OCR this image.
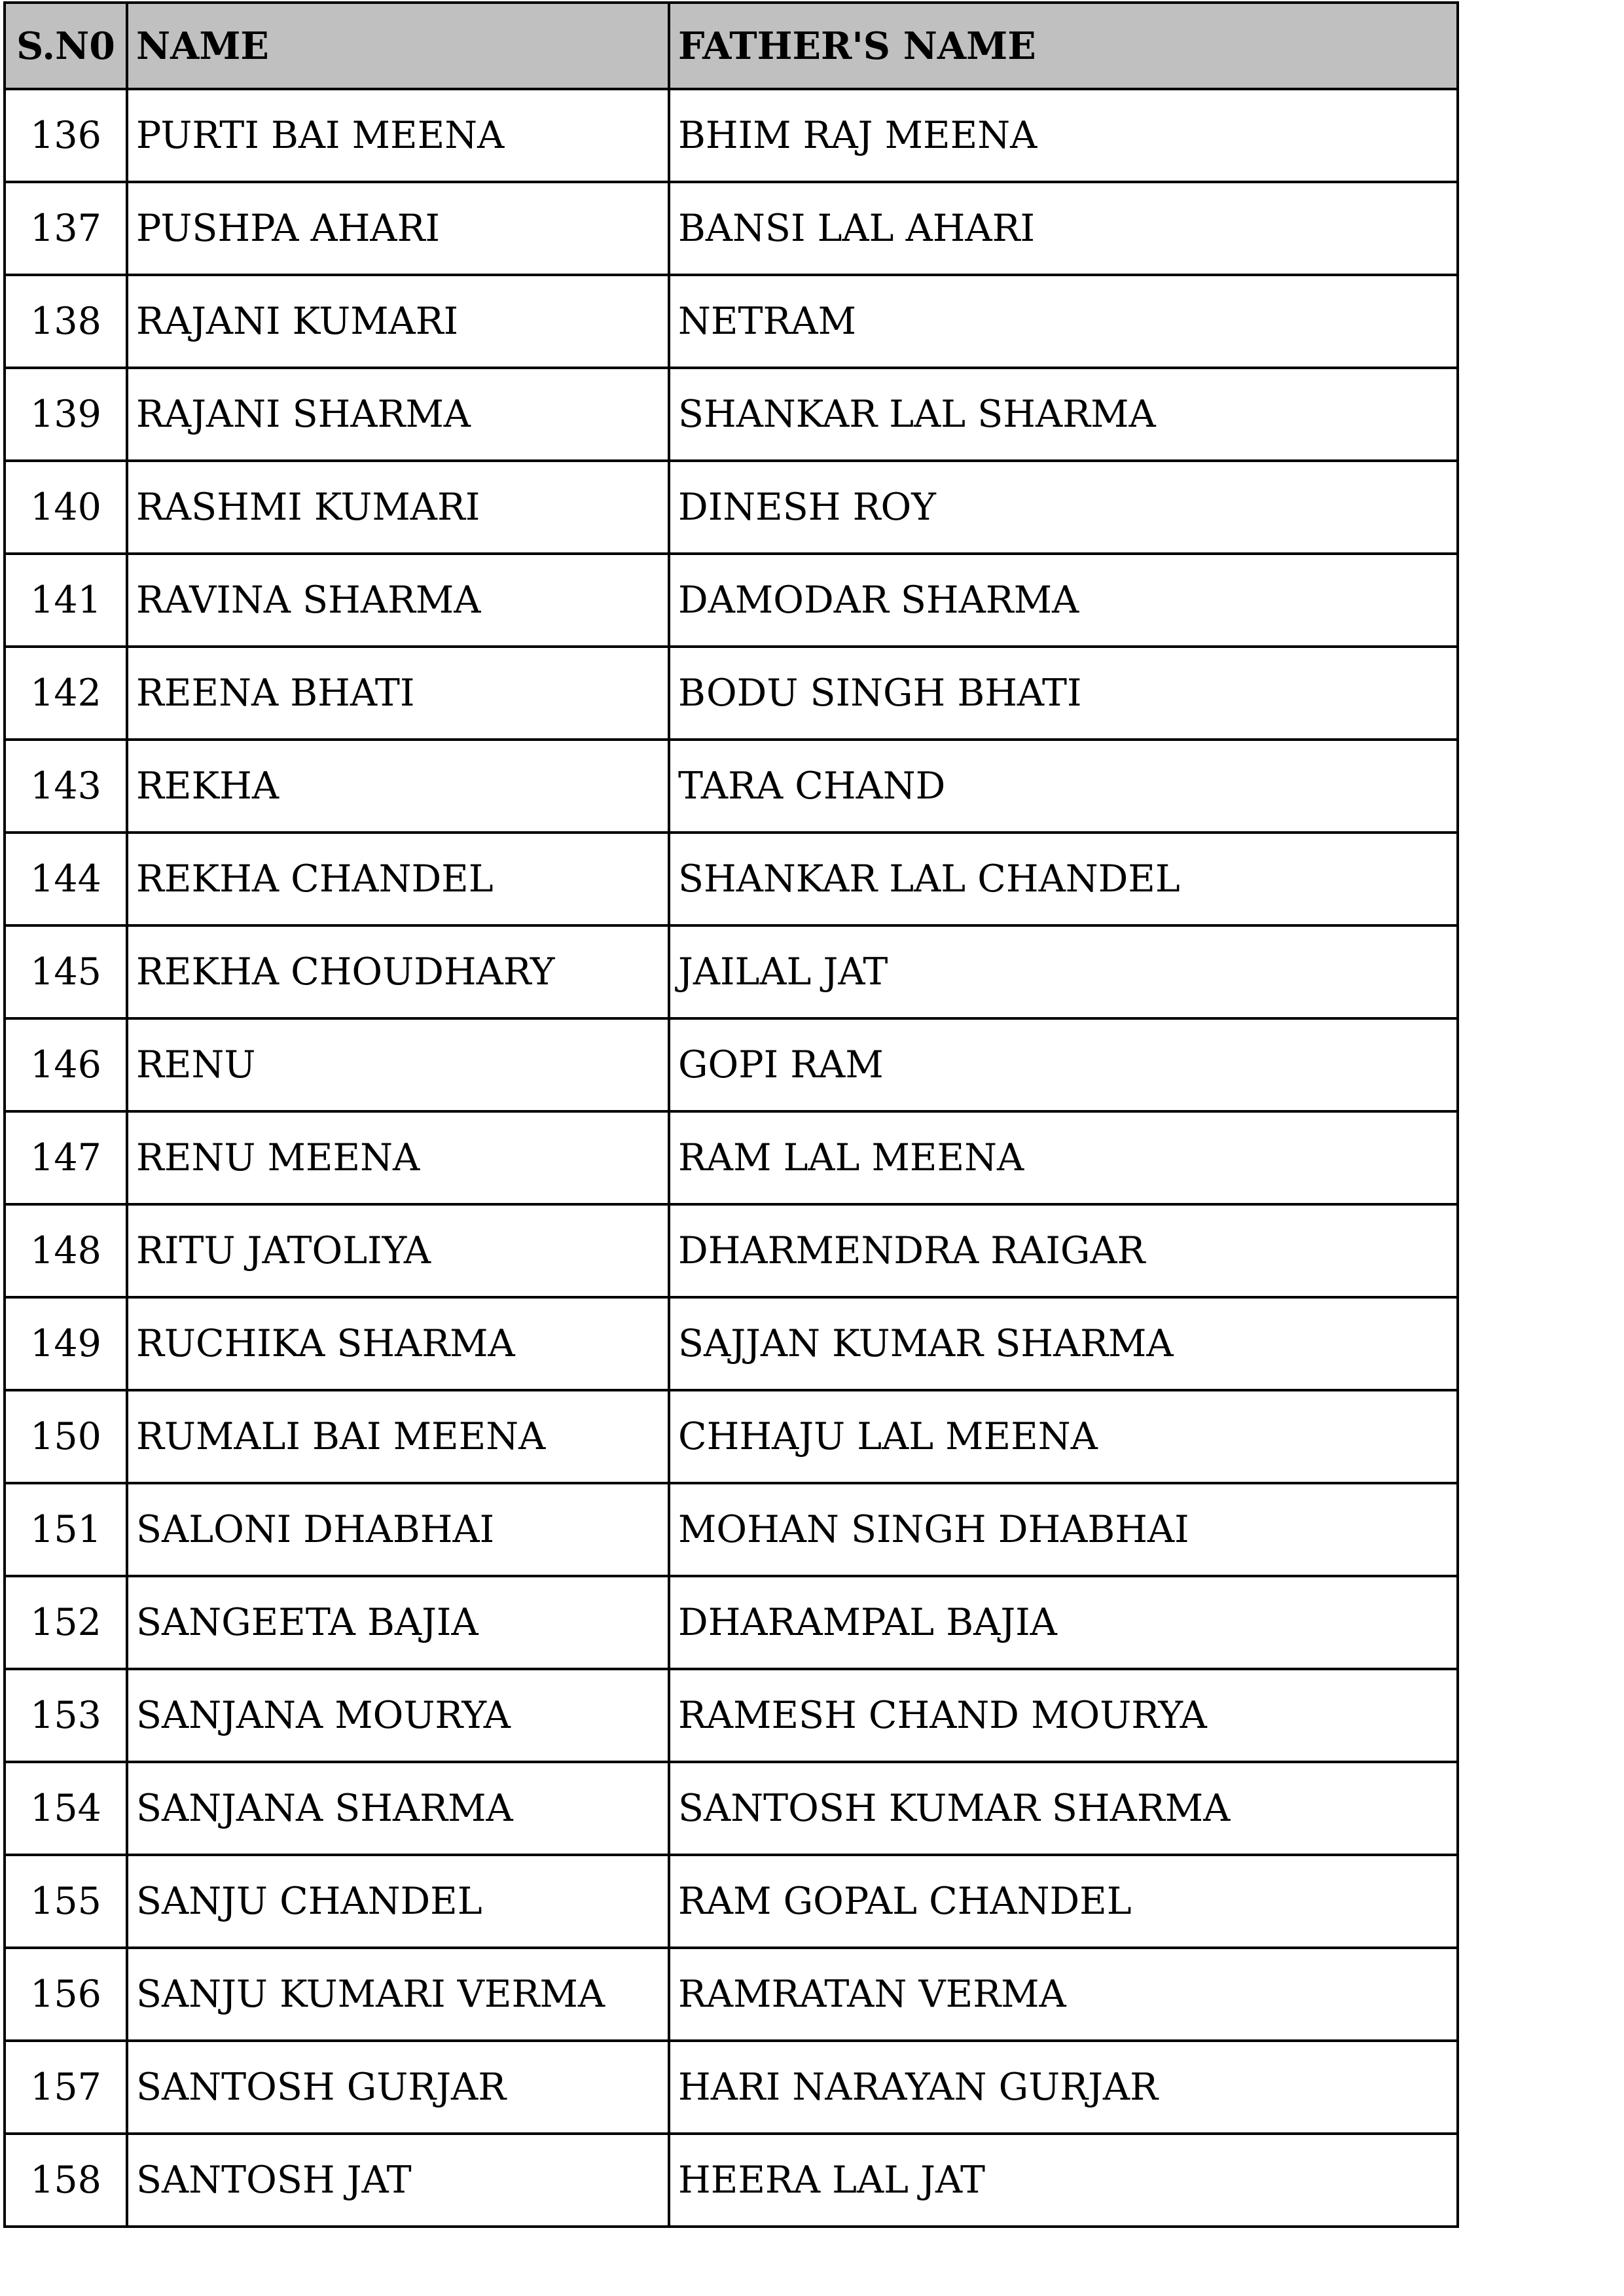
S.N0	NAME	FATHER'S NAME
136	PURTI BAI MEENA	BHIM RAJ MEENA
137	PUSHPA AHARI	BANSI LAL AHARI
138	RAJANI KUMARI	NETRAM
139	RAJANI SHARMA	SHANKAR LAL SHARMA
140	RASHMI KUMARI	DINESH ROY
141	RAVINA SHARMA	DAMODAR SHARMA
142	REENA BHATI	BODU SINGH BHATI
143	REKHA	TARA CHAND
144	REKHA CHANDEL	SHANKAR LAL CHANDEL
145	REKHA CHOUDHARY	JAILAL JAT
146	RENU	GOPI RAM
147	RENU MEENA	RAM LAL MEENA
148	RITU JATOLIYA	DHARMENDRA RAIGAR
149	RUCHIKA SHARMA	SAJJAN KUMAR SHARMA
150	RUMALI BAI MEENA	CHHAJU LAL MEENA
151	SALONI DHABHAI	MOHAN SINGH DHABHAI
152	SANGEETA BAJIA	DHARAMPAL BAJIA
153	SANJANA MOURYA	RAMESH CHAND MOURYA
154	SANJANA SHARMA	SANTOSH KUMAR SHARMA
155	SANJU CHANDEL	RAM GOPAL CHANDEL
156	SANJU KUMARI VERMA	RAMRATAN VERMA
157	SANTOSH GURJAR	HARI NARAYAN GURJAR
158	SANTOSH JAT	HEERA LAL JAT
